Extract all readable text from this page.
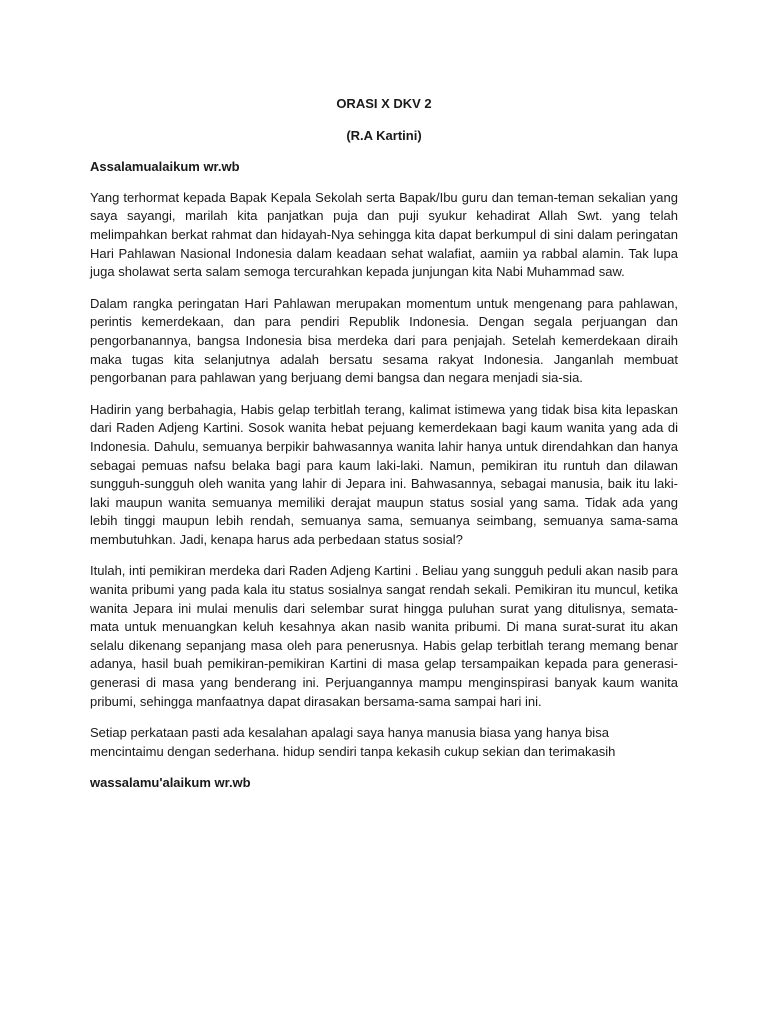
ORASI X DKV 2
(R.A Kartini)
Assalamualaikum wr.wb

Yang terhormat kepada Bapak Kepala Sekolah serta Bapak/Ibu guru dan teman-teman sekalian yang saya sayangi, marilah kita panjatkan puja dan puji syukur kehadirat Allah Swt. yang telah melimpahkan berkat rahmat dan hidayah-Nya sehingga kita dapat berkumpul di sini dalam peringatan Hari Pahlawan Nasional Indonesia dalam keadaan sehat walafiat, aamiin ya rabbal alamin. Tak lupa juga sholawat serta salam semoga tercurahkan kepada junjungan kita Nabi Muhammad saw.

Dalam rangka peringatan Hari Pahlawan merupakan momentum untuk mengenang para pahlawan, perintis kemerdekaan, dan para pendiri Republik Indonesia. Dengan segala perjuangan dan pengorbanannya, bangsa Indonesia bisa merdeka dari para penjajah. Setelah kemerdekaan diraih maka tugas kita selanjutnya adalah bersatu sesama rakyat Indonesia. Janganlah membuat pengorbanan para pahlawan yang berjuang demi bangsa dan negara menjadi sia-sia.

Hadirin yang berbahagia, Habis gelap terbitlah terang, kalimat istimewa yang tidak bisa kita lepaskan dari Raden Adjeng Kartini. Sosok wanita hebat pejuang kemerdekaan bagi kaum wanita yang ada di Indonesia. Dahulu, semuanya berpikir bahwasannya wanita lahir hanya untuk direndahkan dan hanya sebagai pemuas nafsu belaka bagi para kaum laki-laki. Namun, pemikiran itu runtuh dan dilawan sungguh-sungguh oleh wanita yang lahir di Jepara ini. Bahwasannya, sebagai manusia, baik itu laki-laki maupun wanita semuanya memiliki derajat maupun status sosial yang sama. Tidak ada yang lebih tinggi maupun lebih rendah, semuanya sama, semuanya seimbang, semuanya sama-sama membutuhkan. Jadi, kenapa harus ada perbedaan status sosial?

Itulah, inti pemikiran merdeka dari Raden Adjeng Kartini . Beliau yang sungguh peduli akan nasib para wanita pribumi yang pada kala itu status sosialnya sangat rendah sekali. Pemikiran itu muncul, ketika wanita Jepara ini mulai menulis dari selembar surat hingga puluhan surat yang ditulisnya, semata-mata untuk menuangkan keluh kesahnya akan nasib wanita pribumi. Di mana surat-surat itu akan selalu dikenang sepanjang masa oleh para penerusnya. Habis gelap terbitlah terang memang benar adanya, hasil buah pemikiran-pemikiran Kartini di masa gelap tersampaikan kepada para generasi-generasi di masa yang benderang ini. Perjuangannya mampu menginspirasi banyak kaum wanita pribumi, sehingga manfaatnya dapat dirasakan bersama-sama sampai hari ini.

Setiap perkataan pasti ada kesalahan apalagi saya hanya manusia biasa yang hanya bisa mencintaimu dengan sederhana. hidup sendiri tanpa kekasih cukup sekian dan terimakasih

wassalamu'alaikum wr.wb
